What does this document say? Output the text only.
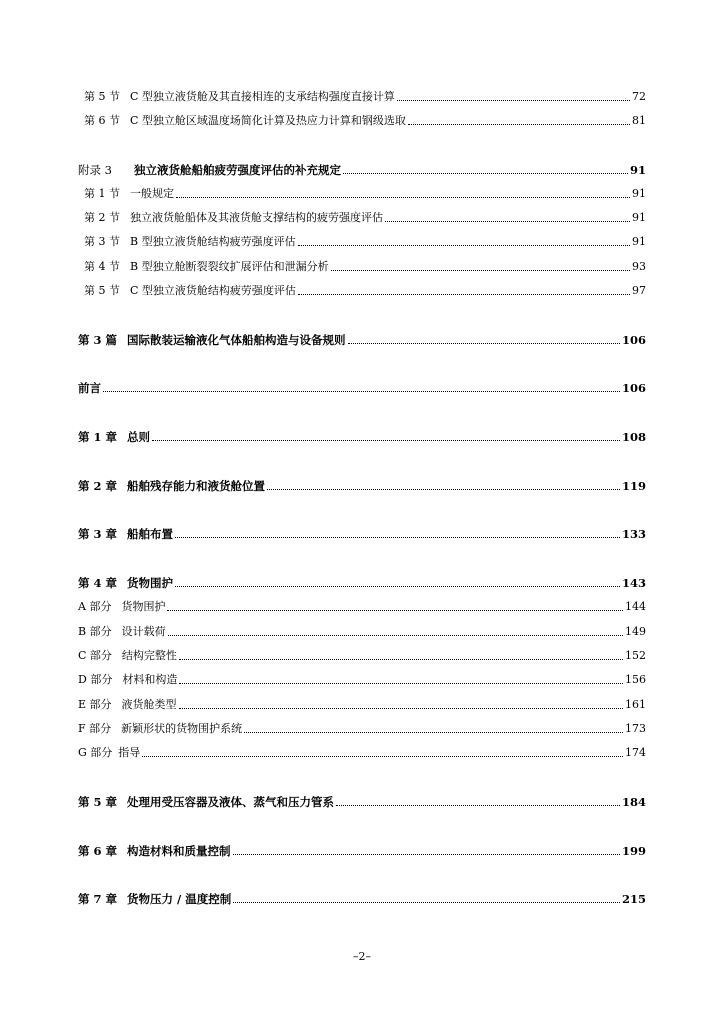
第 5 节 C 型独立液货舱及其直接相连的支承结构强度直接计算	72
第 6 节 C 型独立舱区域温度场简化计算及热应力计算和钢级选取	81
附录 3 独立液货舱船舶疲劳强度评估的补充规定	91
第 1 节 一般规定	91
第 2 节 独立液货舱船体及其液货舱支撑结构的疲劳强度评估	91
第 3 节 B 型独立液货舱结构疲劳强度评估	91
第 4 节 B 型独立舱断裂裂纹扩展评估和泄漏分析	93
第 5 节 C 型独立液货舱结构疲劳强度评估	97
第 3 篇 国际散装运输液化气体船舶构造与设备规则	106
前言	106
第 1 章 总则	108
第 2 章 船舶残存能力和液货舱位置	119
第 3 章 船舶布置	133
第 4 章 货物围护	143
A 部分 货物围护	144
B 部分 设计载荷	149
C 部分 结构完整性	152
D 部分 材料和构造	156
E 部分 液货舱类型	161
F 部分 新颖形状的货物围护系统	173
G 部分 指导	174
第 5 章 处理用受压容器及液体、蒸气和压力管系	184
第 6 章 构造材料和质量控制	199
第 7 章 货物压力 / 温度控制	215
–2–
